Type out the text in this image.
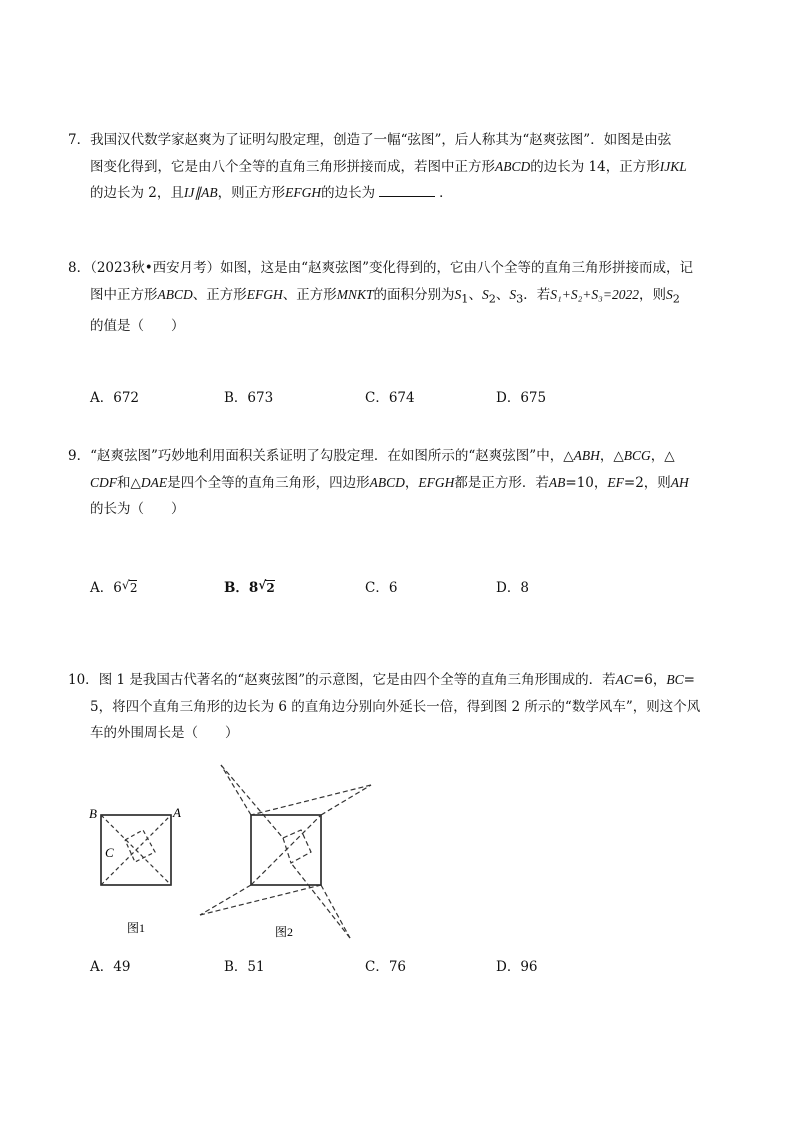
7．我国汉代数学家赵爽为了证明勾股定理，创造了一幅“弦图”，后人称其为“赵爽弦图”．如图是由弦

图变化得到，它是由八个全等的直角三角形拼接而成，若图中正方形ABCD的边长为 14，正方形IJKL

的边长为 2，且IJ∥AB，则正方形EFGH的边长为	．

8．（2023秋•西安月考）如图，这是由“赵爽弦图”变化得到的，它由八个全等的直角三角形拼接而成，记

图中正方形ABCD、正方形EFGH、正方形MNKT的面积分别为$S_1$、$S_2$、$S_3$．若S₁+S₂+S₃=2022，则$S_2$

的值是（　　）

A．672	B．673	C．674	D．675

9．“赵爽弦图”巧妙地利用面积关系证明了勾股定理．在如图所示的“赵爽弦图”中，△ABH，△BCG，△

CDF和△DAE是四个全等的直角三角形，四边形ABCD，EFGH都是正方形．若AB=10，EF=2，则AH

的长为（　　）

A．6 √ 2	B．8 √ 2	C．6	D．8

10．图 1 是我国古代著名的“赵爽弦图”的示意图，它是由四个全等的直角三角形围成的．若AC=6，BC=

5，将四个直角三角形的边长为 6 的直角边分别向外延长一倍，得到图 2 所示的“数学风车”，则这个风

车的外围周长是（　　）

B	A
C
图1	图2
A．49	B．51	C．76	D．96
